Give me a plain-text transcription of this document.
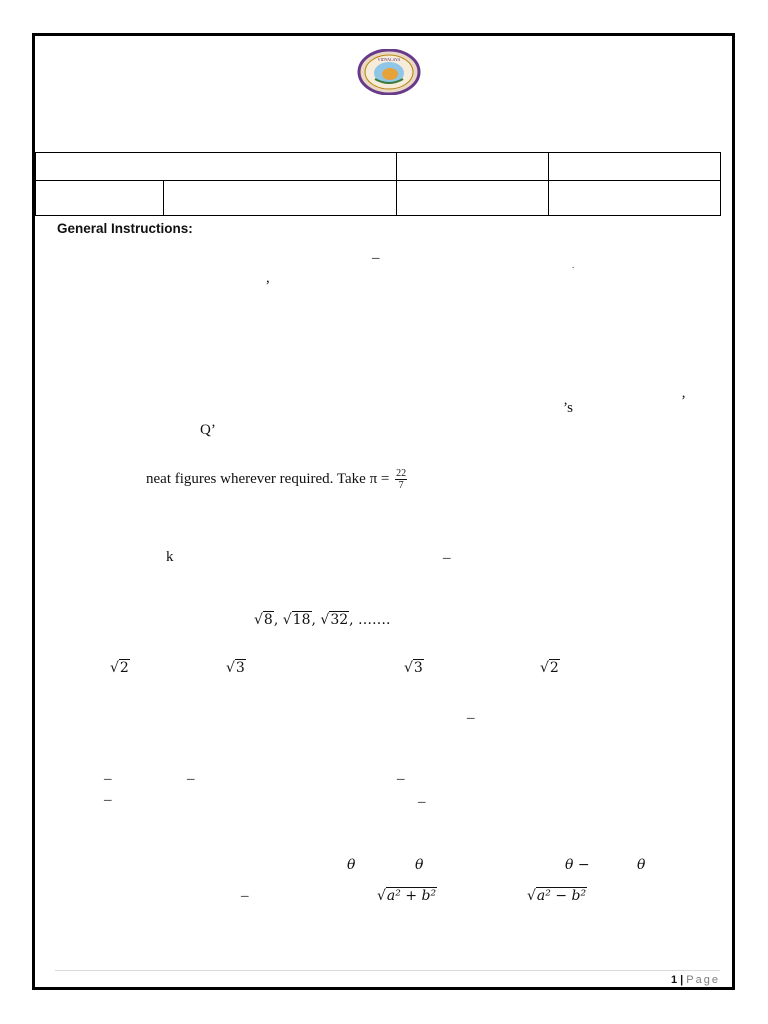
VIDYALAYA

General Instructions:
–
,
.
’s	’
Q’
neat figures wherever required. Take $\pi = \frac{22}{7}$
k	–
√8, √18, √32, …….
√2	√3	√3	√2
–
–	–	–
–	–
θ	θ	θ −	θ
–	√a² + b²	√a² − b²
1 | Page
